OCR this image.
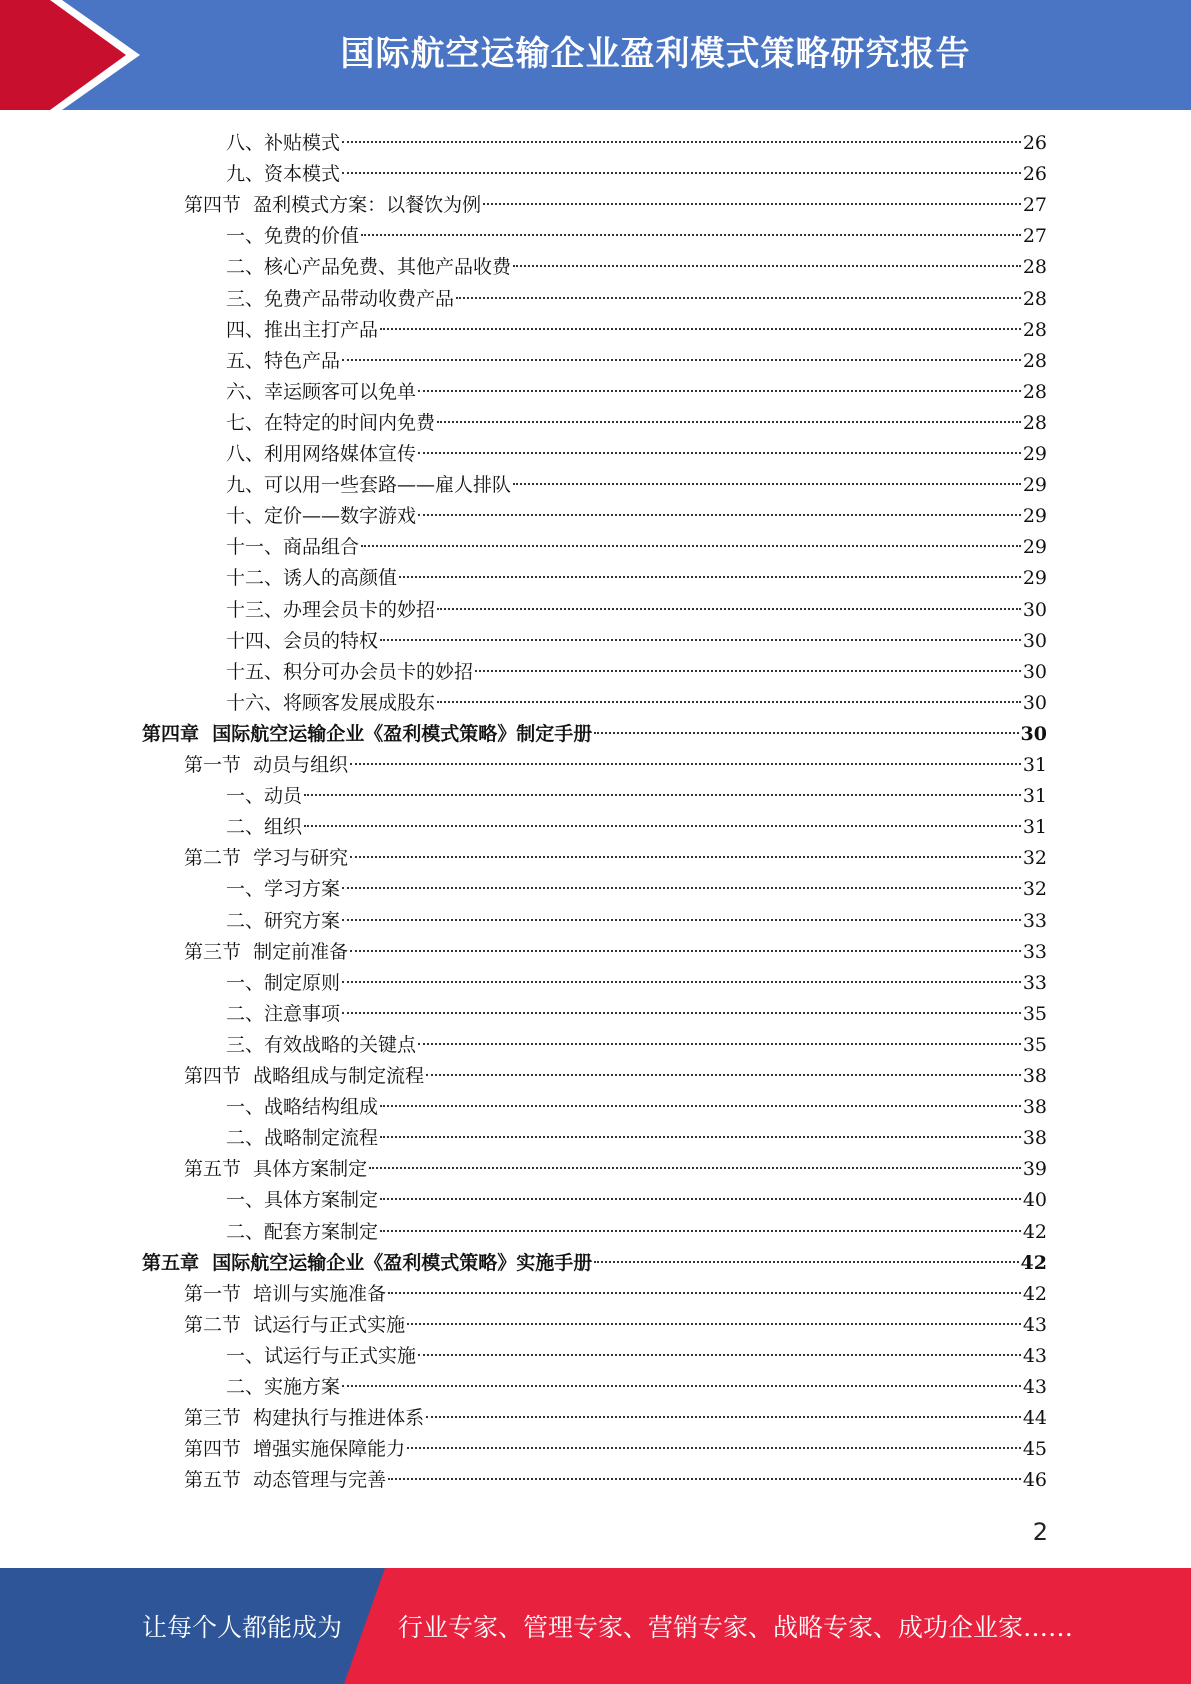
国际航空运输企业盈利模式策略研究报告
八、补贴模式	26
九、资本模式	26
第四节  盈利模式方案：以餐饮为例	27
一、免费的价值	27
二、核心产品免费、其他产品收费	28
三、免费产品带动收费产品	28
四、推出主打产品	28
五、特色产品	28
六、幸运顾客可以免单	28
七、在特定的时间内免费	28
八、利用网络媒体宣传	29
九、可以用一些套路——雇人排队	29
十、定价——数字游戏	29
十一、商品组合	29
十二、诱人的高颜值	29
十三、办理会员卡的妙招	30
十四、会员的特权	30
十五、积分可办会员卡的妙招	30
十六、将顾客发展成股东	30
第四章  国际航空运输企业《盈利模式策略》制定手册	30
第一节  动员与组织	31
一、动员	31
二、组织	31
第二节  学习与研究	32
一、学习方案	32
二、研究方案	33
第三节  制定前准备	33
一、制定原则	33
二、注意事项	35
三、有效战略的关键点	35
第四节  战略组成与制定流程	38
一、战略结构组成	38
二、战略制定流程	38
第五节  具体方案制定	39
一、具体方案制定	40
二、配套方案制定	42
第五章  国际航空运输企业《盈利模式策略》实施手册	42
第一节  培训与实施准备	42
第二节  试运行与正式实施	43
一、试运行与正式实施	43
二、实施方案	43
第三节  构建执行与推进体系	44
第四节  增强实施保障能力	45
第五节  动态管理与完善	46
2
让每个人都能成为 行业专家、管理专家、营销专家、战略专家、成功企业家……
